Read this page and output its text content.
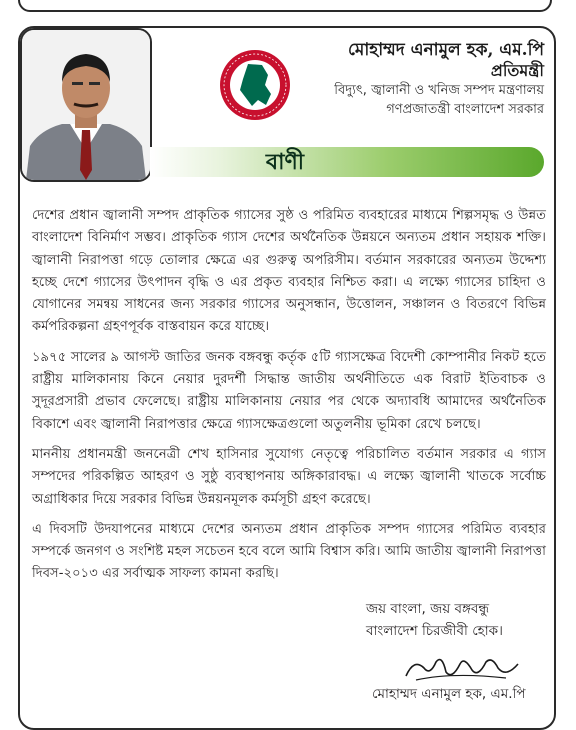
মোহাম্মদ এনামুল হক, এম.পি
প্রতিমন্ত্রী
বিদ্যুৎ, জ্বালানী ও খনিজ সম্পদ মন্ত্রণালয়
গণপ্রজাতন্ত্রী বাংলাদেশ সরকার
বাণী

দেশের প্রধান জ্বালানী সম্পদ প্রাকৃতিক গ্যাসের সুষ্ঠ ও পরিমিত ব্যবহারের মাধ্যমে শিল্পসমৃদ্ধ ও উন্নত বাংলাদেশ বিনির্মাণ সম্ভব। প্রাকৃতিক গ্যাস দেশের অর্থনৈতিক উন্নয়নে অন্যতম প্রধান সহায়ক শক্তি। জ্বালানী নিরাপত্তা গড়ে তোলার ক্ষেত্রে এর গুরুত্ব অপরিসীম। বর্তমান সরকারের অন্যতম উদ্দেশ্য হচ্ছে দেশে গ্যাসের উৎপাদন বৃদ্ধি ও এর প্রকৃত ব্যবহার নিশ্চিত করা। এ লক্ষ্যে গ্যাসের চাহিদা ও যোগানের সমন্বয় সাধনের জন্য সরকার গ্যাসের অনুসন্ধান, উত্তোলন, সঞ্চালন ও বিতরণে বিভিন্ন কর্মপরিকল্পনা গ্রহণপূর্বক বাস্তবায়ন করে যাচ্ছে।

১৯৭৫ সালের ৯ আগস্ট জাতির জনক বঙ্গবন্ধু কর্তৃক ৫টি গ্যাসক্ষেত্র বিদেশী কোম্পানীর নিকট হতে রাষ্ট্রীয় মালিকানায় কিনে নেয়ার দুরদর্শী সিদ্ধান্ত জাতীয় অর্থনীতিতে এক বিরাট ইতিবাচক ও সুদূরপ্রসারী প্রভাব ফেলেছে। রাষ্ট্রীয় মালিকানায় নেয়ার পর থেকে অদ্যাবধি আমাদের অর্থনৈতিক বিকাশে এবং জ্বালানী নিরাপত্তার ক্ষেত্রে গ্যাসক্ষেত্রগুলো অতুলনীয় ভূমিকা রেখে চলছে।

মাননীয় প্রধানমন্ত্রী জননেত্রী শেখ হাসিনার সুযোগ্য নেতৃত্বে পরিচালিত বর্তমান সরকার এ গ্যাস সম্পদের পরিকল্পিত আহরণ ও সুষ্ঠু ব্যবস্থাপনায় অঙ্গিকারাবদ্ধ। এ লক্ষ্যে জ্বালানী খাতকে সর্বোচ্চ অগ্রাধিকার দিয়ে সরকার বিভিন্ন উন্নয়নমূলক কর্মসূচী গ্রহণ করেছে।

এ দিবসটি উদযাপনের মাধ্যমে দেশের অন্যতম প্রধান প্রাকৃতিক সম্পদ গ্যাসের পরিমিত ব্যবহার সম্পর্কে জনগণ ও সংশিষ্ট মহল সচেতন হবে বলে আমি বিশ্বাস করি। আমি জাতীয় জ্বালানী নিরাপত্তা দিবস-২০১৩ এর সর্বাত্মক সাফল্য কামনা করছি।

জয় বাংলা, জয় বঙ্গবন্ধু
বাংলাদেশ চিরজীবী হোক।
মোহাম্মদ এনামুল হক, এম.পি
